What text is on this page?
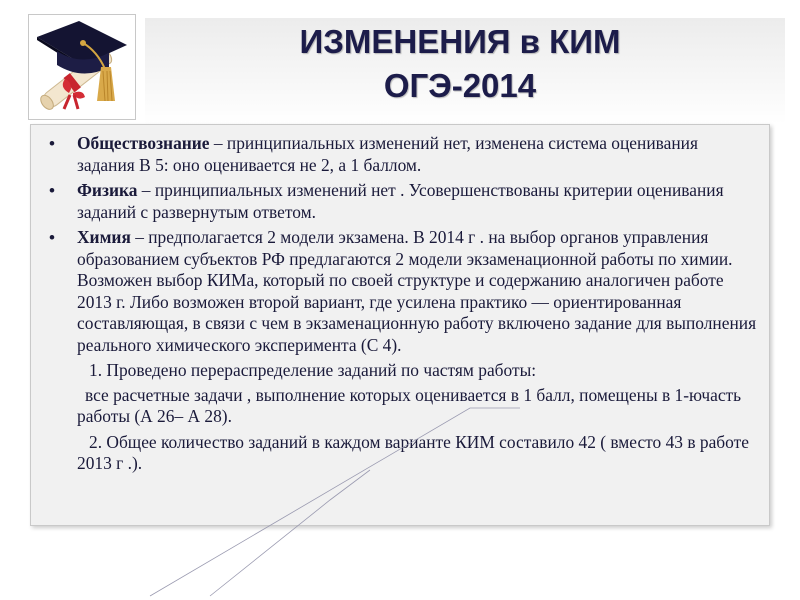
ИЗМЕНЕНИЯ в КИМ
ОГЭ-2014
• Обществознание – принципиальных изменений нет, изменена система оценивания задания В 5: оно оценивается не 2, а 1 баллом.
• Физика – принципиальных изменений нет . Усовершенствованы критерии оценивания заданий с развернутым ответом.
• Химия – предполагается 2 модели экзамена. В 2014 г . на выбор органов управления образованием субъектов РФ предлагаются 2 модели экзаменационной работы по химии. Возможен выбор КИМа, который по своей структуре и содержанию аналогичен работе 2013 г. Либо возможен второй вариант, где усилена практико — ориентированная составляющая, в связи с чем в экзаменационную работу включено задание для выполнения реального химического эксперимента (С 4).
1. Проведено перераспределение заданий по частям работы:
все расчетные задачи , выполнение которых оценивается в 1 балл, помещены в 1-ючасть работы (А 26– А 28).
2. Общее количество заданий в каждом варианте КИМ составило 42 ( вместо 43 в работе 2013 г .).
